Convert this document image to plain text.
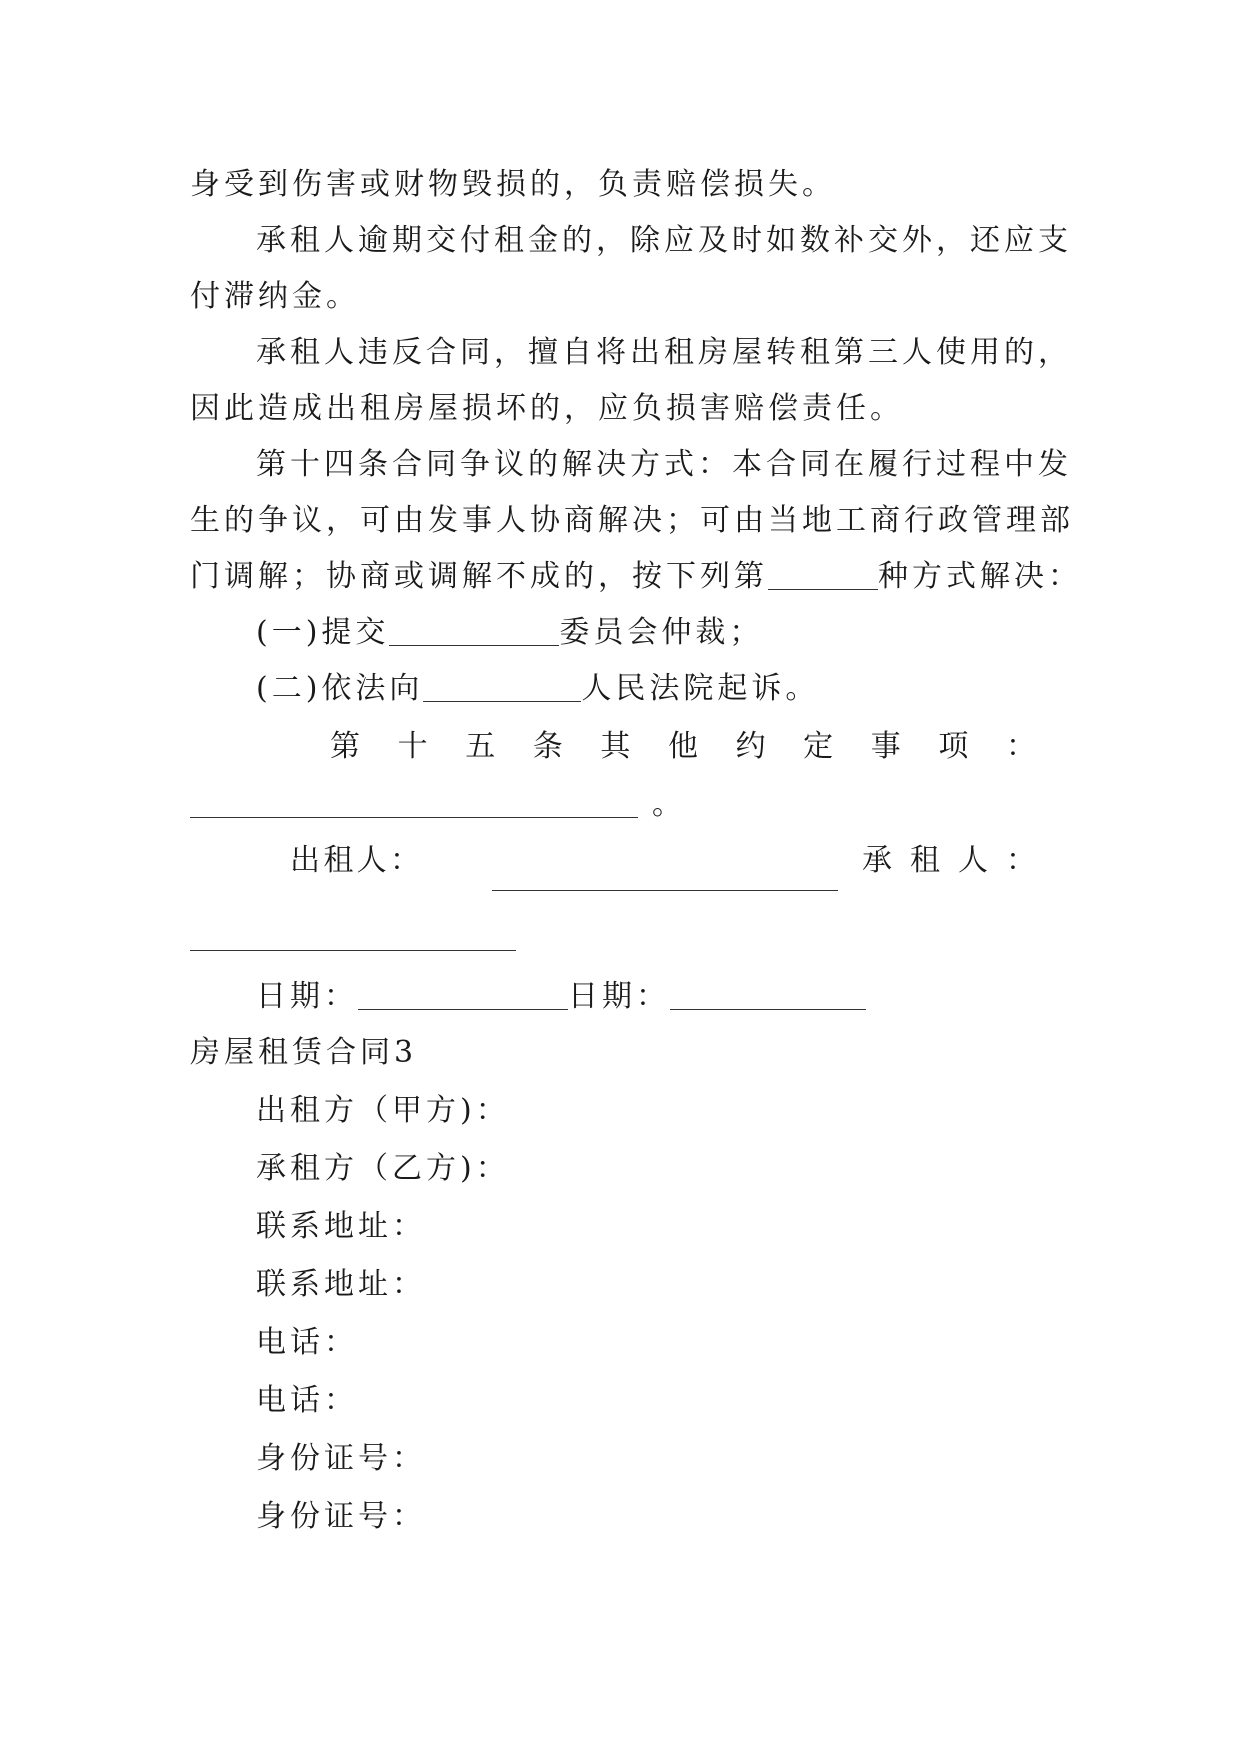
身受到伤害或财物毁损的，负责赔偿损失。
承租人逾期交付租金的，除应及时如数补交外，还应支
付滞纳金。
承租人违反合同，擅自将出租房屋转租第三人使用的，
因此造成出租房屋损坏的，应负损害赔偿责任。
第十四条合同争议的解决方式：本合同在履行过程中发
生的争议，可由发事人协商解决；可由当地工商行政管理部
门调解；协商或调解不成的，按下列第	种方式解决：
(一)提交	委员会仲裁；
(二)依法向	人民法院起诉。
第 十 五 条 其 他 约 定 事 项 ：
。
出 租 人 ：	承 租 人 ：
日期：	日期：
房屋租赁合同3
出租方（甲方)：
承租方（乙方)：
联系地址：
联系地址：
电话：
电话：
身份证号：
身份证号：
